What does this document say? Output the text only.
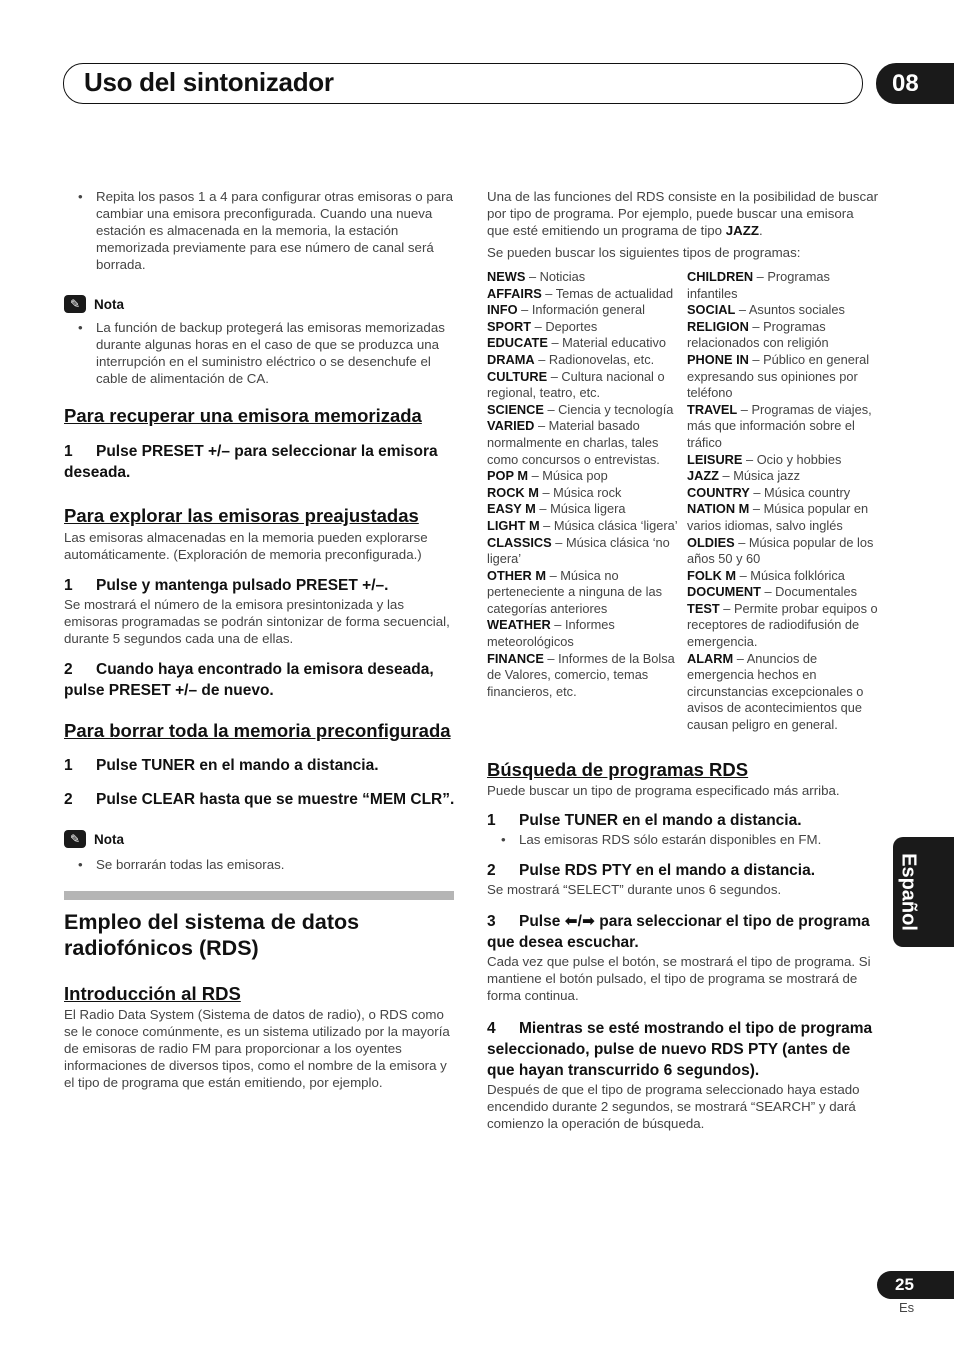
Uso del sintonizador	08
• Repita los pasos 1 a 4 para configurar otras emisoras o para cambiar una emisora preconfigurada. Cuando una nueva estación es almacenada en la memoria, la estación memorizada previamente para ese número de canal será borrada.
✎	Nota
• La función de backup protegerá las emisoras memorizadas durante algunas horas en el caso de que se produzca una interrupción en el suministro eléctrico o se desenchufe el cable de alimentación de CA.
Para recuperar una emisora memorizada
1 Pulse PRESET +/– para seleccionar la emisora deseada.
Para explorar las emisoras preajustadas

Las emisoras almacenadas en la memoria pueden explorarse automáticamente. (Exploración de memoria preconfigurada.)

1 Pulse y mantenga pulsado PRESET +/–.

Se mostrará el número de la emisora presintonizada y las emisoras programadas se podrán sintonizar de forma secuencial, durante 5 segundos cada una de ellas.

2 Cuando haya encontrado la emisora deseada, pulse PRESET +/– de nuevo.
Para borrar toda la memoria preconfigurada
1 Pulse TUNER en el mando a distancia.
2 Pulse CLEAR hasta que se muestre “MEM CLR”.
✎	Nota
• Se borrarán todas las emisoras.
Empleo del sistema de datos radiofónicos (RDS)
Introducción al RDS

El Radio Data System (Sistema de datos de radio), o RDS como se le conoce comúnmente, es un sistema utilizado por la mayoría de emisoras de radio FM para proporcionar a los oyentes informaciones de diversos tipos, como el nombre de la emisora y el tipo de programa que están emitiendo, por ejemplo.

Una de las funciones del RDS consiste en la posibilidad de buscar por tipo de programa. Por ejemplo, puede buscar una emisora que esté emitiendo un programa de tipo JAZZ.

Se pueden buscar los siguientes tipos de programas:

NEWS – Noticias
AFFAIRS – Temas de actualidad
INFO – Información general
SPORT – Deportes
EDUCATE – Material educativo
DRAMA – Radionovelas, etc.
CULTURE – Cultura nacional o regional, teatro, etc.
SCIENCE – Ciencia y tecnología
VARIED – Material basado normalmente en charlas, tales como concursos o entrevistas.
POP M – Música pop
ROCK M – Música rock
EASY M – Música ligera
LIGHT M – Música clásica ‘ligera’
CLASSICS – Música clásica ‘no ligera’
OTHER M – Música no perteneciente a ninguna de las categorías anteriores
WEATHER – Informes meteorológicos
FINANCE – Informes de la Bolsa de Valores, comercio, temas financieros, etc.
CHILDREN – Programas infantiles
SOCIAL – Asuntos sociales
RELIGION – Programas relacionados con religión
PHONE IN – Público en general expresando sus opiniones por teléfono
TRAVEL – Programas de viajes, más que información sobre el tráfico
LEISURE – Ocio y hobbies
JAZZ – Música jazz
COUNTRY – Música country
NATION M – Música popular en varios idiomas, salvo inglés
OLDIES – Música popular de los años 50 y 60
FOLK M – Música folklórica
DOCUMENT – Documentales
TEST – Permite probar equipos o receptores de radiodifusión de emergencia.
ALARM – Anuncios de emergencia hechos en circunstancias excepcionales o avisos de acontecimientos que causan peligro en general.
Búsqueda de programas RDS

Puede buscar un tipo de programa especificado más arriba.

1 Pulse TUNER en el mando a distancia.
• Las emisoras RDS sólo estarán disponibles en FM.
2 Pulse RDS PTY en el mando a distancia.

Se mostrará “SELECT” durante unos 6 segundos.

3 Pulse ⬅/➡ para seleccionar el tipo de programa que desea escuchar.

Cada vez que pulse el botón, se mostrará el tipo de programa. Si mantiene el botón pulsado, el tipo de programa se mostrará de forma continua.

4 Mientras se esté mostrando el tipo de programa seleccionado, pulse de nuevo RDS PTY (antes de que hayan transcurrido 6 segundos).

Después de que el tipo de programa seleccionado haya estado encendido durante 2 segundos, se mostrará “SEARCH” y dará comienzo la operación de búsqueda.

Español
25
Es
